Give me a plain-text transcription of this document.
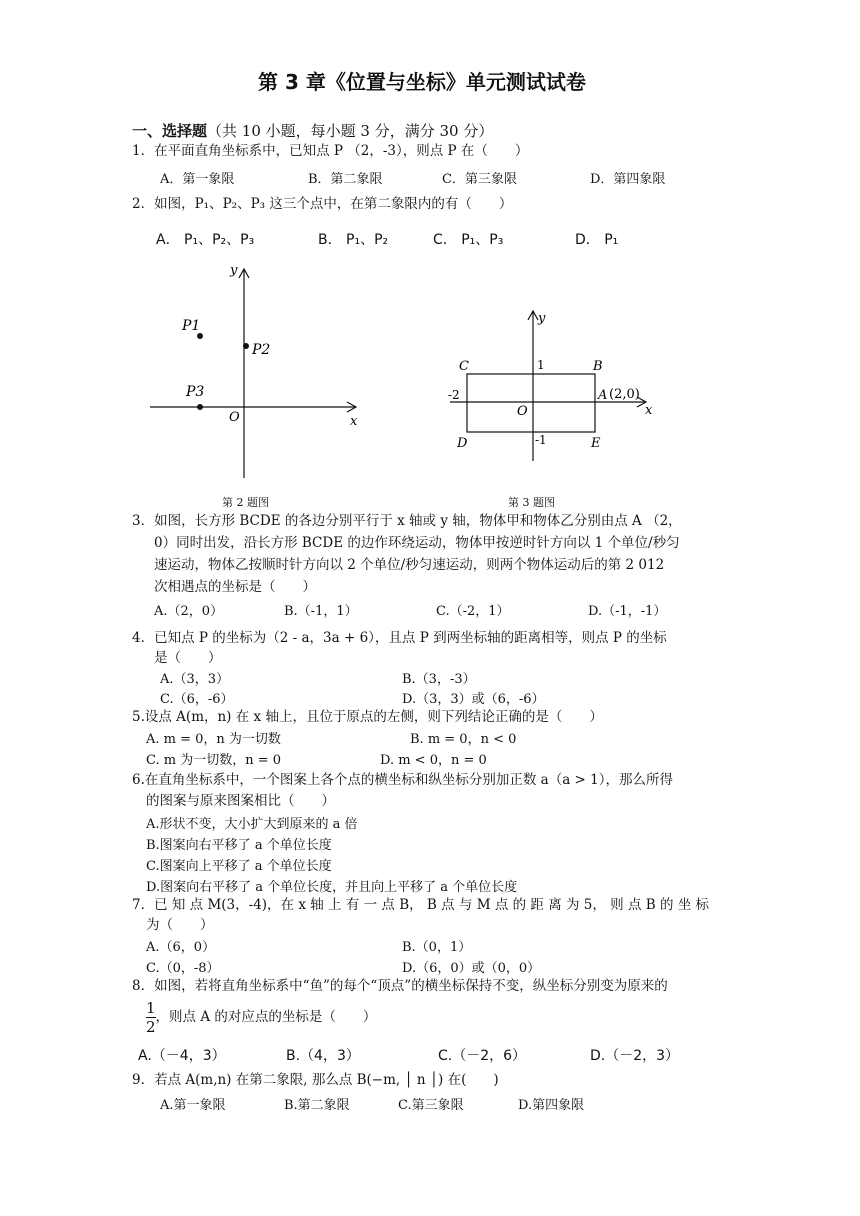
第 3 章《位置与坐标》单元测试试卷
一、选择题（共 10 小题，每小题 3 分，满分 30 分）
1．在平面直角坐标系中，已知点 P （2，-3），则点 P 在（　　）
A．第一象限	B．第二象限	C．第三象限	D．第四象限
2．如图，P₁、P₂、P₃ 这三个点中，在第二象限内的有（　　）
A． P₁、P₂、P₃	B． P₁、P₂	C． P₁、P₃	D． P₁
y
x
O
P1
P2
P3
y
x
O
C	B
D	E
1
-1
-2	A (2,0)
第 2 题图	第 3 题图
3．如图，长方形 BCDE 的各边分别平行于 x 轴或 y 轴，物体甲和物体乙分别由点 A （2，
0）同时出发，沿长方形 BCDE 的边作环绕运动，物体甲按逆时针方向以 1 个单位/秒匀
速运动，物体乙按顺时针方向以 2 个单位/秒匀速运动，则两个物体运动后的第 2 012
次相遇点的坐标是（　　）
A.（2，0）	B.（-1，1）	C.（-2，1）	D.（-1，-1）
4．已知点 P 的坐标为（2 - a，3a + 6），且点 P 到两坐标轴的距离相等，则点 P 的坐标
是（　　）
A.（3，3）	B.（3，-3）
C.（6，-6）	D.（3，3）或（6，-6）
5.设点 A(m，n) 在 x 轴上，且位于原点的左侧，则下列结论正确的是（　　）
A. m = 0，n 为一切数	B. m = 0，n < 0
C. m 为一切数，n = 0	D. m < 0，n = 0
6.在直角坐标系中，一个图案上各个点的横坐标和纵坐标分别加正数 a（a > 1），那么所得
的图案与原来图案相比（　　）
A.形状不变，大小扩大到原来的 a 倍
B.图案向右平移了 a 个单位长度
C.图案向上平移了 a 个单位长度
D.图案向右平移了 a 个单位长度，并且向上平移了 a 个单位长度
7．已 知 点 M(3，-4)，在 x 轴 上 有 一 点 B， B 点 与 M 点 的 距 离 为 5， 则 点 B 的 坐 标
为（　　）
A.（6，0）	B.（0，1）
C.（0，-8）	D.（6，0）或（0，0）
8．如图，若将直角坐标系中“鱼”的每个“顶点”的横坐标保持不变，纵坐标分别变为原来的
$\frac{1}{2}$ ，则点 A 的对应点的坐标是（　　）
A.（－4，3）	B.（4，3）	C.（－2，6）	D.（－2，3）
9．若点 A(m,n) 在第二象限, 那么点 B(−m, │ n │) 在(　　)
A.第一象限	B.第二象限	C.第三象限	D.第四象限
